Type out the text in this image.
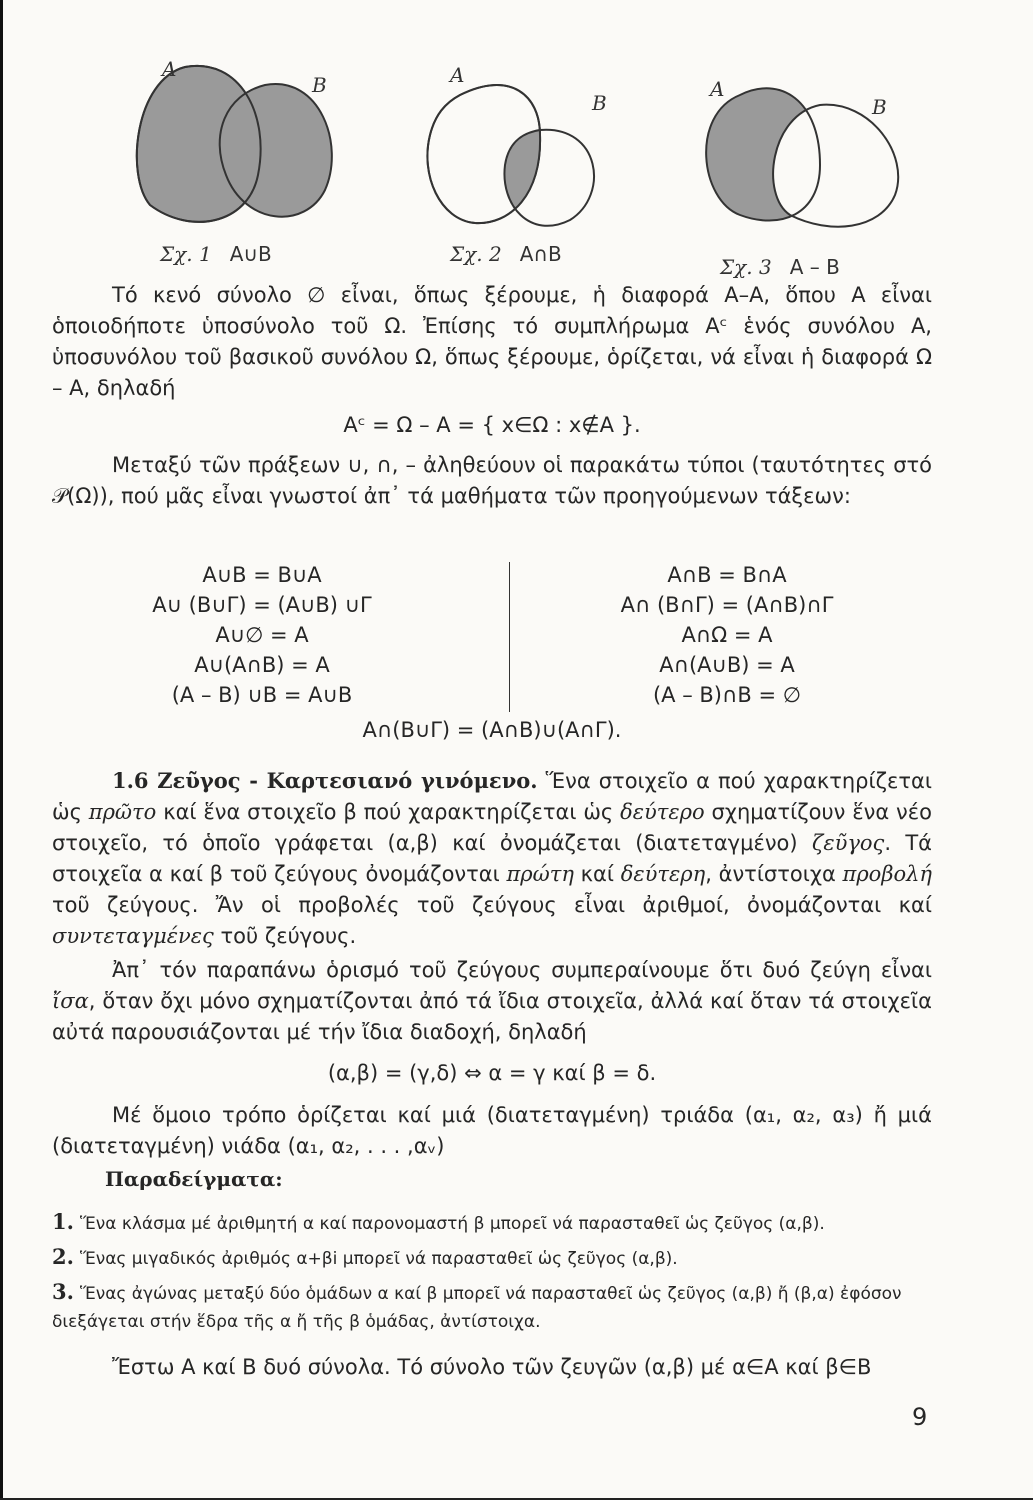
A
B	A
B
A
B
Σχ. 1 A∪B	Σχ. 2 A∩B
Σχ. 3 A – B

Τό κενό σύνολο ∅ εἶναι, ὅπως ξέρουμε, ἡ διαφορά Α–Α, ὅπου Α εἶναι ὁποιοδήποτε ὑποσύνολο τοῦ Ω. Ἐπίσης τό συμπλήρωμα Aᶜ ἑνός συνόλου Α, ὑποσυνόλου τοῦ βασικοῦ συνόλου Ω, ὅπως ξέρουμε, ὁρίζεται, νά εἶναι ἡ διαφορά Ω – Α, δηλαδή

Aᶜ = Ω – A = { x∈Ω : x∉A }.

Μεταξύ τῶν πράξεων ∪, ∩, – ἀληθεύουν οἱ παρακάτω τύποι (ταυτότητες στό 𝒫(Ω)), πού μᾶς εἶναι γνωστοί ἀπ᾿ τά μαθήματα τῶν προηγούμενων τάξεων:

A∪B = B∪A
A∪ (B∪Γ) = (A∪B) ∪Γ
A∪∅ = A
A∪(A∩B) = A
(A – B) ∪B = A∪B
A∩B = B∩A
A∩ (B∩Γ) = (A∩B)∩Γ
A∩Ω = A
A∩(A∪B) = A
(A – B)∩B = ∅
A∩(B∪Γ) = (A∩B)∪(A∩Γ).

1.6 Ζεῦγος - Καρτεσιανό γινόμενο. Ἕνα στοιχεῖο α πού χαρακτηρίζεται ὡς πρῶτο καί ἕνα στοιχεῖο β πού χαρακτηρίζεται ὡς δεύτερο σχηματίζουν ἕνα νέο στοιχεῖο, τό ὁποῖο γράφεται (α,β) καί ὀνομάζεται (διατεταγμένο) ζεῦγος. Τά στοιχεῖα α καί β τοῦ ζεύγους ὀνομάζονται πρώτη καί δεύτερη, ἀντίστοιχα προβολή τοῦ ζεύγους. Ἄν οἱ προβολές τοῦ ζεύγους εἶναι ἀριθμοί, ὀνομάζονται καί συντεταγμένες τοῦ ζεύγους.

Ἀπ᾿ τόν παραπάνω ὁρισμό τοῦ ζεύγους συμπεραίνουμε ὅτι δυό ζεύγη εἶναι ἴσα, ὅταν ὄχι μόνο σχηματίζονται ἀπό τά ἴδια στοιχεῖα, ἀλλά καί ὅταν τά στοιχεῖα αὐτά παρουσιάζονται μέ τήν ἴδια διαδοχή, δηλαδή

(α,β) = (γ,δ) ⇔ α = γ καί β = δ.

Μέ ὅμοιο τρόπο ὁρίζεται καί μιά (διατεταγμένη) τριάδα (α₁, α₂, α₃) ἤ μιά (διατεταγμένη) νιάδα (α₁, α₂, . . . ,αᵥ)

Παραδείγματα:
1. Ἕνα κλάσμα μέ ἀριθμητή α καί παρονομαστή β μπορεῖ νά παρασταθεῖ ὡς ζεῦγος (α,β).
2. Ἕνας μιγαδικός ἀριθμός α+βi μπορεῖ νά παρασταθεῖ ὡς ζεῦγος (α,β).
3. Ἕνας ἀγώνας μεταξύ δύο ὁμάδων α καί β μπορεῖ νά παρασταθεῖ ὡς ζεῦγος (α,β) ἤ (β,α) ἐφόσον διεξάγεται στήν ἕδρα τῆς α ἤ τῆς β ὁμάδας, ἀντίστοιχα.

Ἔστω Α καί Β δυό σύνολα. Τό σύνολο τῶν ζευγῶν (α,β) μέ α∈Α καί β∈Β

9
